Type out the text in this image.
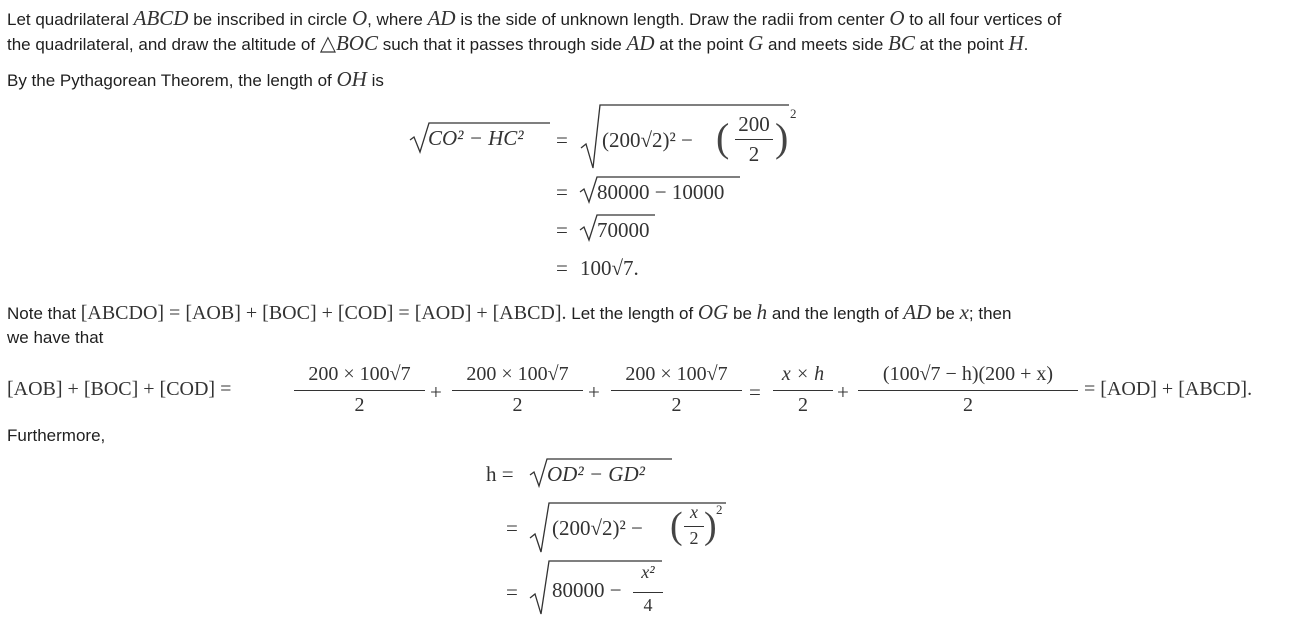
Let quadrilateral ABCD be inscribed in circle O, where AD is the side of unknown length. Draw the radii from center O to all four vertices of
the quadrilateral, and draw the altitude of △BOC such that it passes through side AD at the point G and meets side BC at the point H.
By the Pythagorean Theorem, the length of OH is
CO² − HC² = (200√2)² − ( 200
2 )
2
= 80000 − 10000
= 70000
= 100√7.
Note that [ABCDO] = [AOB] + [BOC] + [COD] = [AOD] + [ABCD]. Let the length of OG be h and the length of AD be x; then
we have that
[AOB] + [BOC] + [COD] =
200 × 100√7
2
+
200 × 100√7
2
+
200 × 100√7
2
=
x × h
2
+
(100√7 − h)(200 + x)
2
= [AOD] + [ABCD].
Furthermore,
h = OD² − GD²
= (200√2)² − ( x
2 ) 2
= 80000 −
x²
4
